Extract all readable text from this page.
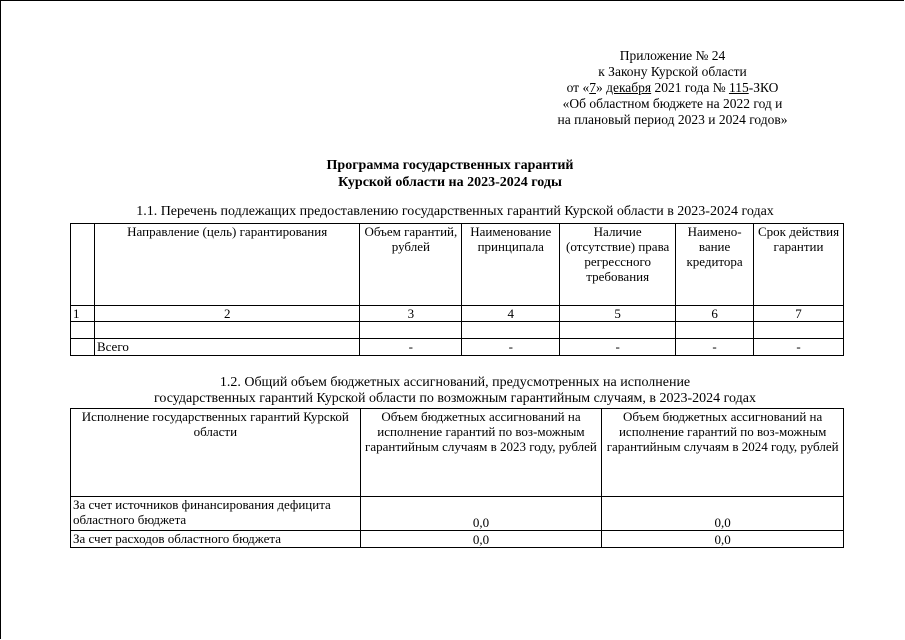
Приложение № 24
к Закону Курской области
от «7» декабря 2021 года № 115-ЗКО
«Об областном бюджете на 2022 год и
на плановый период 2023 и 2024 годов»
Программа государственных гарантий
Курской области на 2023-2024 годы
1.1. Перечень подлежащих предоставлению государственных гарантий Курской области в 2023-2024 годах
	Направление (цель) гарантирования	Объем гарантий, рублей	Наименование принципала	Наличие (отсутствие) права регрессного требования	Наимено-вание кредитора	Срок действия гарантии
1	2	3	4	5	6	7

	Всего	-	-	-	-	-
1.2. Общий объем бюджетных ассигнований, предусмотренных на исполнение
государственных гарантий Курской области по возможным гарантийным случаям, в 2023-2024 годах
Исполнение государственных гарантий Курской области	Объем бюджетных ассигнований на исполнение гарантий по воз-можным гарантийным случаям в 2023 году, рублей	Объем бюджетных ассигнований на исполнение гарантий по воз-можным гарантийным случаям в 2024 году, рублей
За счет источников финансирования дефицита областного бюджета	0,0	0,0
За счет расходов областного бюджета	0,0	0,0
